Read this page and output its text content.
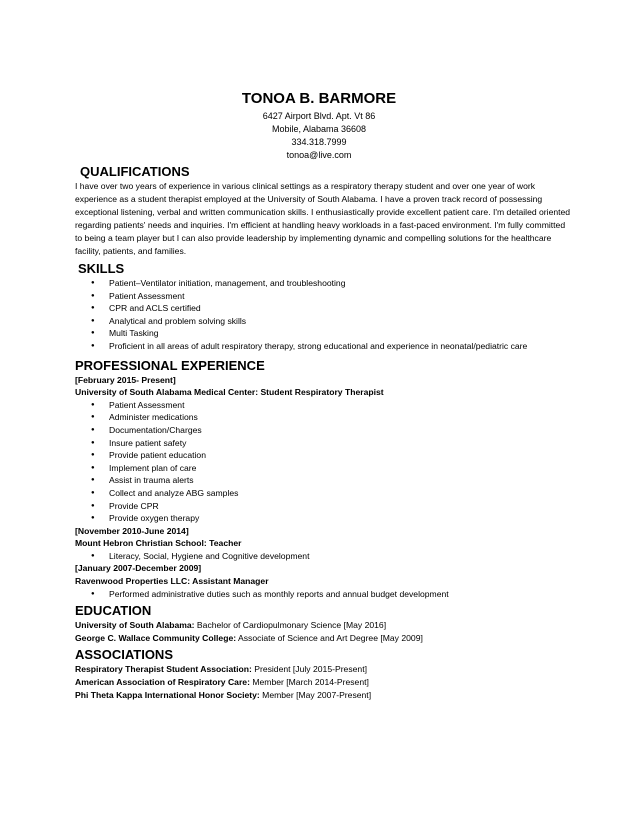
TONOA B. BARMORE
6427 Airport Blvd. Apt. Vt 86
Mobile, Alabama 36608
334.318.7999
tonoa@live.com
QUALIFICATIONS

I have over two years of experience in various clinical settings as a respiratory therapy student and over one year of work experience as a student therapist employed at the University of South Alabama. I have a proven track record of possessing exceptional listening, verbal and written communication skills. I enthusiastically provide excellent patient care. I'm detailed oriented regarding patients' needs and inquiries. I'm efficient at handling heavy workloads in a fast-paced environment. I'm fully committed to being a team player but I can also provide leadership by implementing dynamic and compelling solutions for the healthcare facility, patients, and families.

SKILLS
● Patient–Ventilator initiation, management, and troubleshooting
● Patient Assessment
● CPR and ACLS certified
● Analytical and problem solving skills
● Multi Tasking
● Proficient in all areas of adult respiratory therapy, strong educational and experience in neonatal/pediatric care
PROFESSIONAL EXPERIENCE
[February 2015- Present]
University of South Alabama Medical Center: Student Respiratory Therapist
● Patient Assessment
● Administer medications
● Documentation/Charges
● Insure patient safety
● Provide patient education
● Implement plan of care
● Assist in trauma alerts
● Collect and analyze ABG samples
● Provide CPR
● Provide oxygen therapy
[November 2010-June 2014]
Mount Hebron Christian School: Teacher
● Literacy, Social, Hygiene and Cognitive development
[January 2007-December 2009]
Ravenwood Properties LLC: Assistant Manager
● Performed administrative duties such as monthly reports and annual budget development
EDUCATION
University of South Alabama: Bachelor of Cardiopulmonary Science [May 2016]
George C. Wallace Community College: Associate of Science and Art Degree [May 2009]
ASSOCIATIONS
Respiratory Therapist Student Association: President [July 2015-Present]
American Association of Respiratory Care: Member [March 2014-Present]
Phi Theta Kappa International Honor Society: Member [May 2007-Present]
